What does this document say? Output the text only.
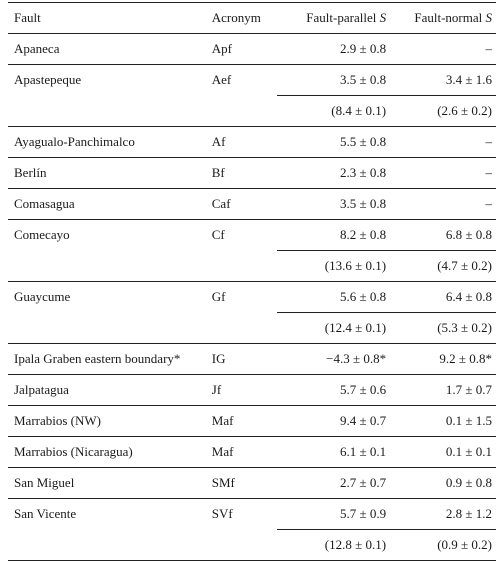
Fault	Acronym	Fault-parallel S	Fault-normal S
Apaneca	Apf	2.9 ± 0.8	–
Apastepeque	Aef	3.5 ± 0.8	3.4 ± 1.6
		(8.4 ± 0.1)	(2.6 ± 0.2)
Ayagualo-Panchimalco	Af	5.5 ± 0.8	–
Berlín	Bf	2.3 ± 0.8	–
Comasagua	Caf	3.5 ± 0.8	–
Comecayo	Cf	8.2 ± 0.8	6.8 ± 0.8
		(13.6 ± 0.1)	(4.7 ± 0.2)
Guaycume	Gf	5.6 ± 0.8	6.4 ± 0.8
		(12.4 ± 0.1)	(5.3 ± 0.2)
Ipala Graben eastern boundary*	IG	−4.3 ± 0.8*	9.2 ± 0.8*
Jalpatagua	Jf	5.7 ± 0.6	1.7 ± 0.7
Marrabios (NW)	Maf	9.4 ± 0.7	0.1 ± 1.5
Marrabios (Nicaragua)	Maf	6.1 ± 0.1	0.1 ± 0.1
San Miguel	SMf	2.7 ± 0.7	0.9 ± 0.8
San Vicente	SVf	5.7 ± 0.9	2.8 ± 1.2
		(12.8 ± 0.1)	(0.9 ± 0.2)
